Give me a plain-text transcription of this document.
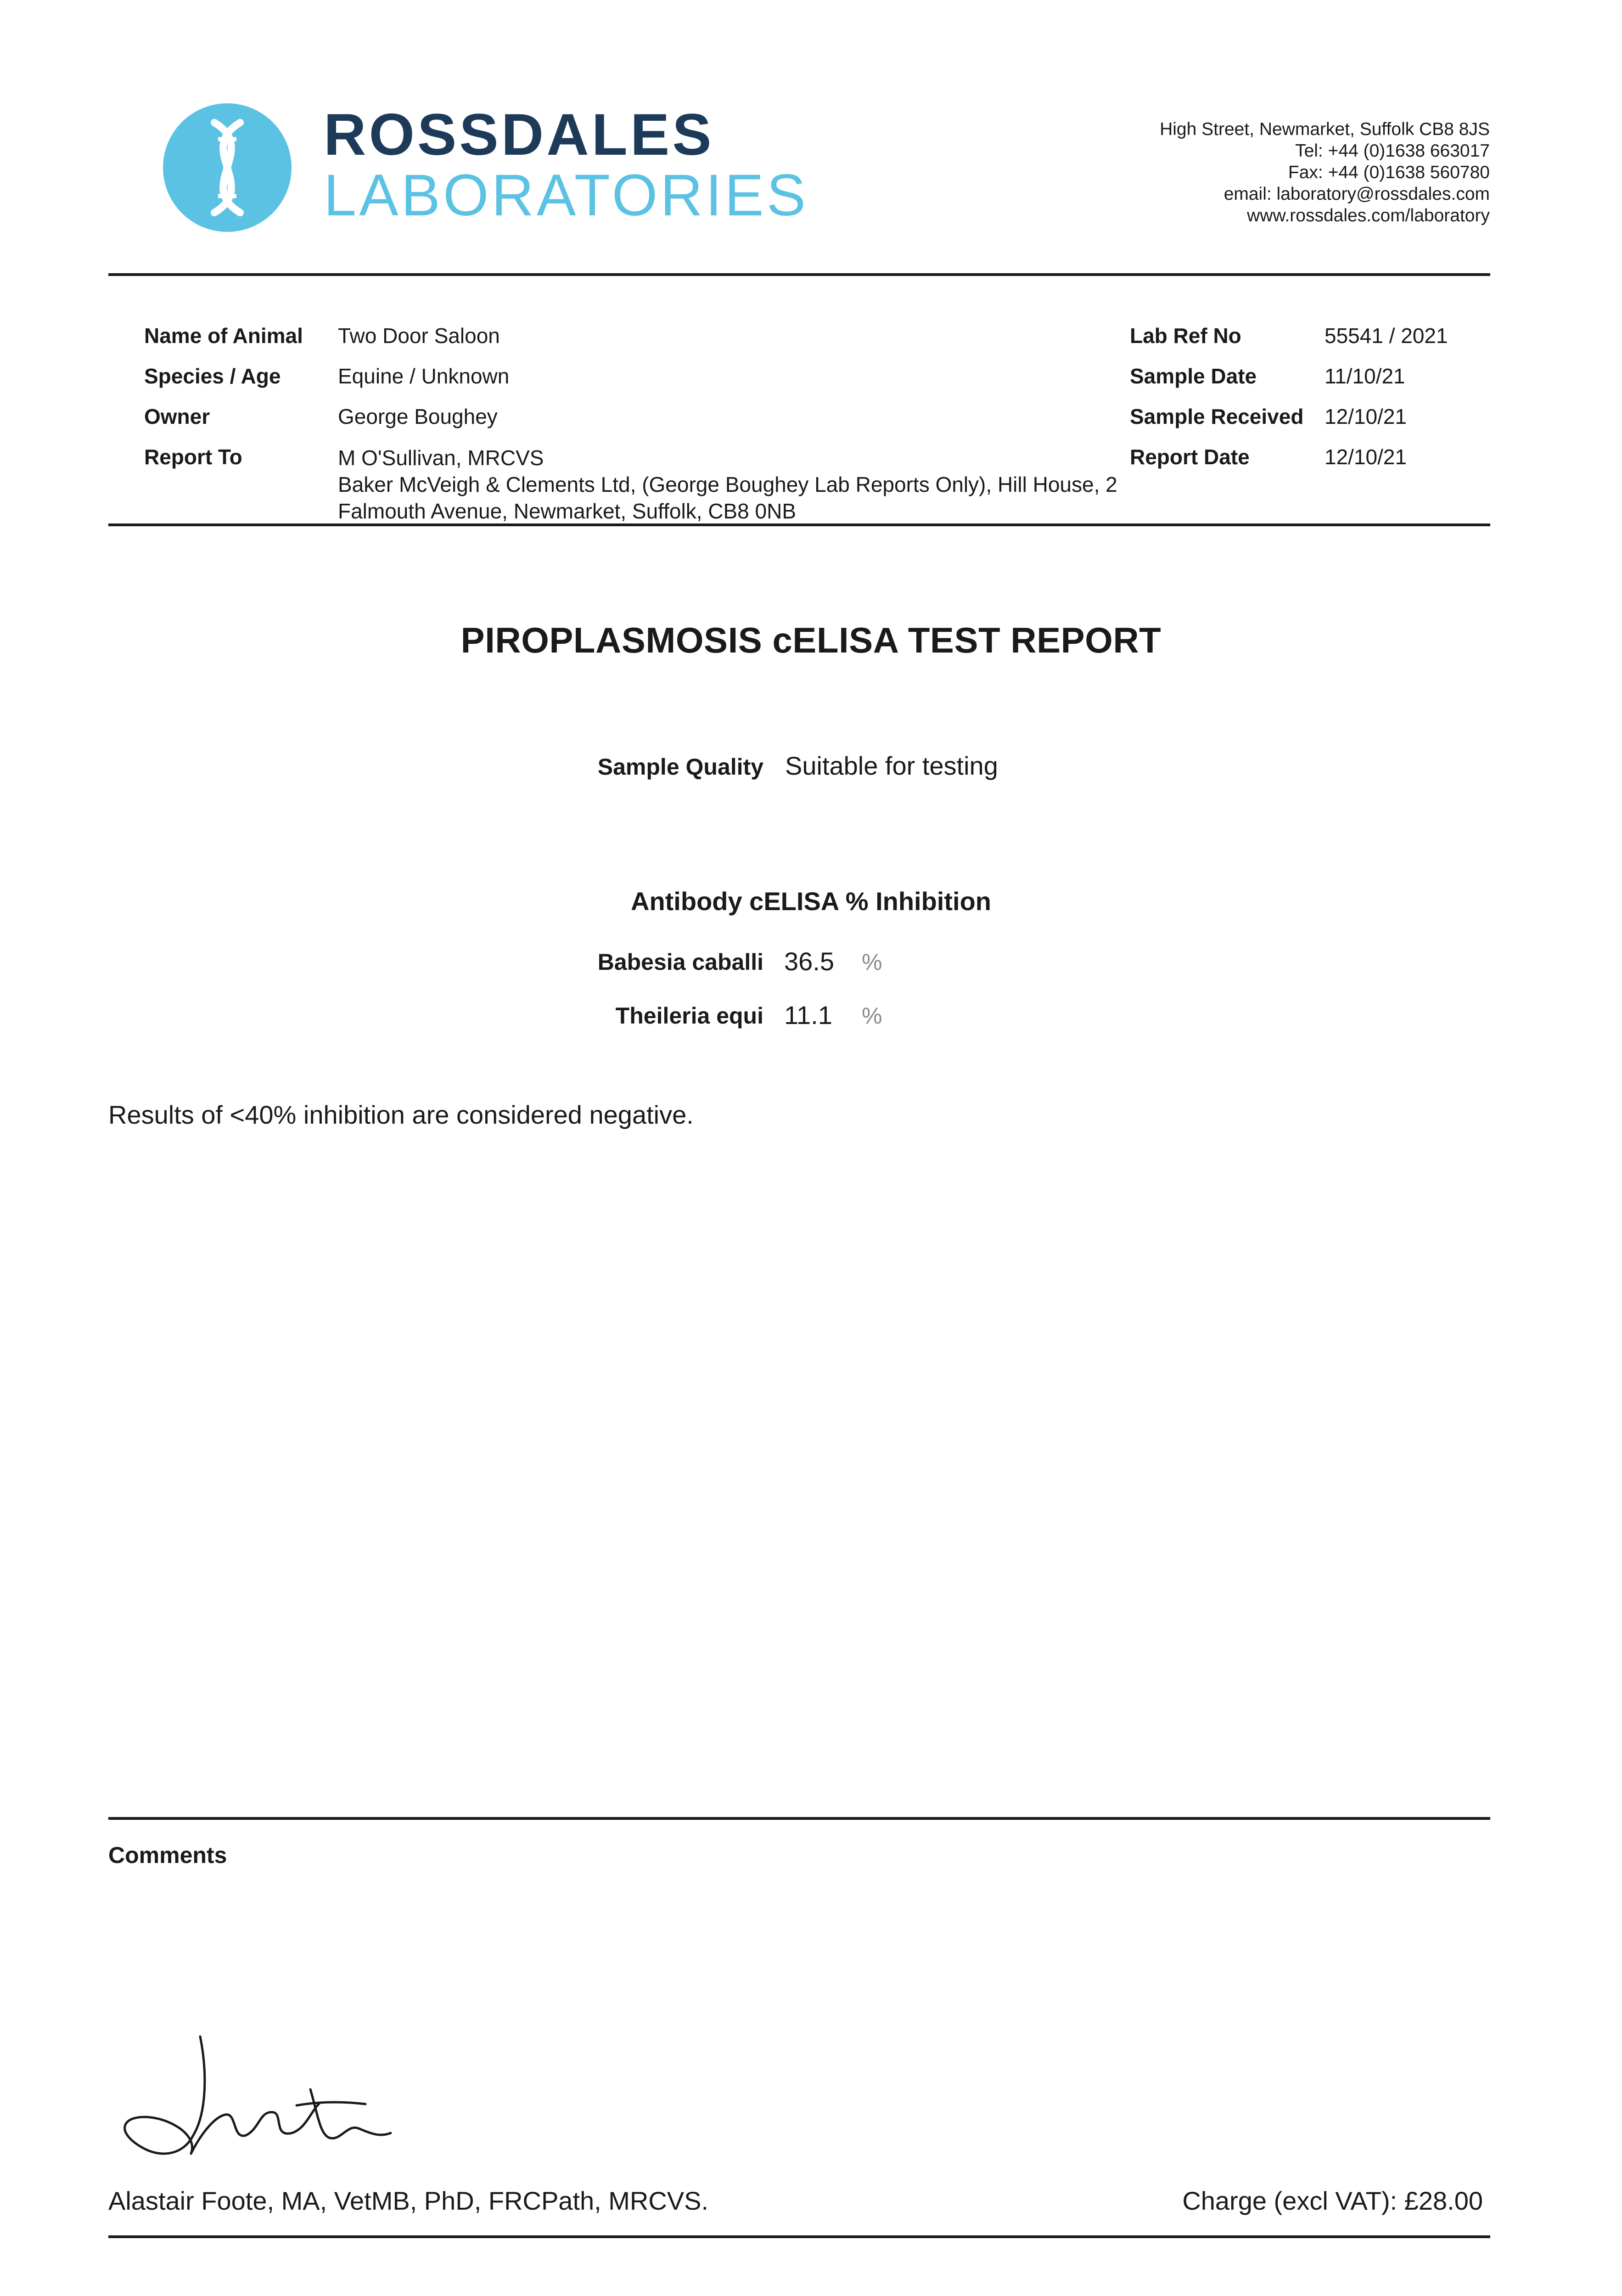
ROSSDALES
LABORATORIES
High Street, Newmarket, Suffolk CB8 8JS
Tel: +44 (0)1638 663017
Fax: +44 (0)1638 560780
email: laboratory@rossdales.com
www.rossdales.com/laboratory
Name of Animal Two Door Saloon
Species / Age	Equine / Unknown
Owner	George Boughey
Report To	M O'Sullivan, MRCVS
Baker McVeigh & Clements Ltd, (George Boughey Lab Reports Only), Hill House, 2
Falmouth Avenue, Newmarket, Suffolk, CB8 0NB
Lab Ref No	55541 / 2021
Sample Date	11/10/21
Sample Received 12/10/21
Report Date	12/10/21
PIROPLASMOSIS cELISA TEST REPORT
Sample Quality Suitable for testing
Antibody cELISA % Inhibition
Babesia caballi 36.5 %
Theileria equi 11.1 %
Results of <40% inhibition are considered negative.
Comments
Alastair Foote, MA, VetMB, PhD, FRCPath, MRCVS.	Charge (excl VAT): £28.00
